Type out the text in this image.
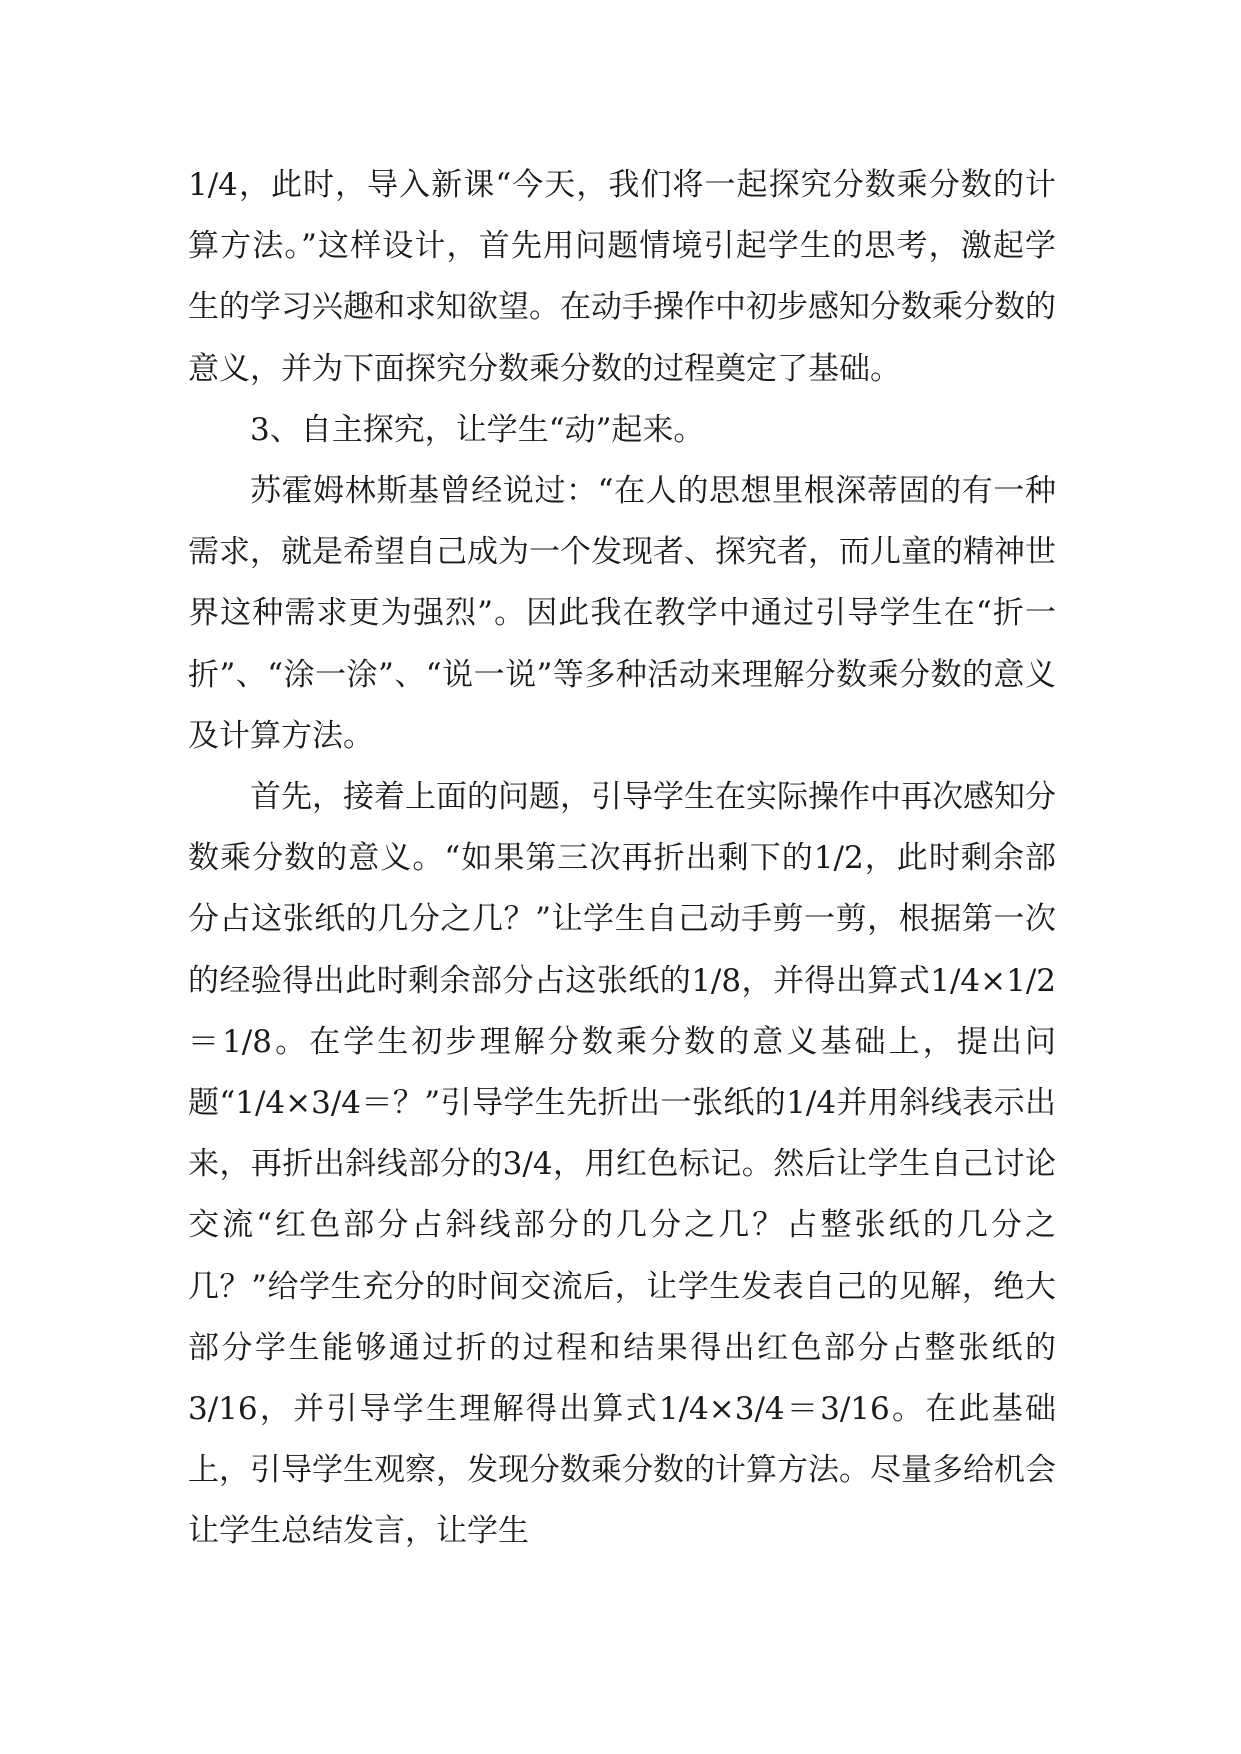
1/4，此时，导入新课“今天，我们将一起探究分数乘分数的计算方法。”这样设计，首先用问题情境引起学生的思考，激起学生的学习兴趣和求知欲望。在动手操作中初步感知分数乘分数的意义，并为下面探究分数乘分数的过程奠定了基础。

3、自主探究，让学生“动”起来。

苏霍姆林斯基曾经说过：“在人的思想里根深蒂固的有一种需求，就是希望自己成为一个发现者、探究者，而儿童的精神世界这种需求更为强烈”。因此我在教学中通过引导学生在“折一折”、“涂一涂”、“说一说”等多种活动来理解分数乘分数的意义及计算方法。

首先，接着上面的问题，引导学生在实际操作中再次感知分数乘分数的意义。“如果第三次再折出剩下的1/2，此时剩余部分占这张纸的几分之几？”让学生自己动手剪一剪，根据第一次的经验得出此时剩余部分占这张纸的1/8，并得出算式1/4×1/2＝1/8。在学生初步理解分数乘分数的意义基础上，提出问题“1/4×3/4＝？”引导学生先折出一张纸的1/4并用斜线表示出来，再折出斜线部分的3/4，用红色标记。然后让学生自己讨论交流“红色部分占斜线部分的几分之几？占整张纸的几分之几？”给学生充分的时间交流后，让学生发表自己的见解，绝大部分学生能够通过折的过程和结果得出红色部分占整张纸的3/16，并引导学生理解得出算式1/4×3/4＝3/16。在此基础上，引导学生观察，发现分数乘分数的计算方法。尽量多给机会让学生总结发言，让学生
